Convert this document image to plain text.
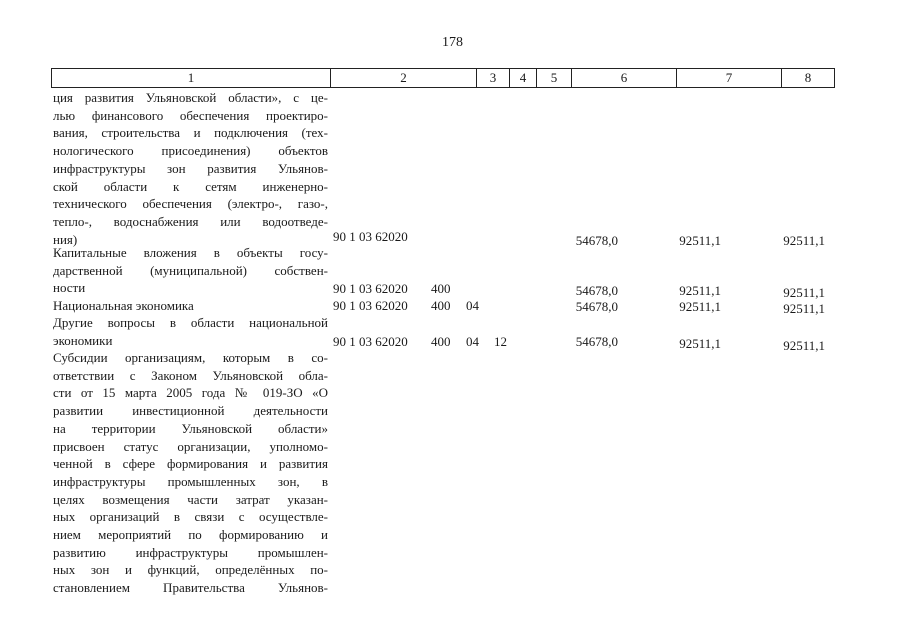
178
1	2	3	4	5	6	7	8
ция развития Ульяновской области», с це-
лью финансового обеспечения проектиро-
вания, строительства и подключения (тех-
нологического присоединения) объектов
инфраструктуры зон развития Ульянов-
ской области к сетям инженерно-
технического обеспечения (электро-, газо-,
тепло-, водоснабжения или водоотведе-
ния)	90 1 03 62020	54678,0	92511,1	92511,1
Капитальные вложения в объекты госу-
дарственной (муниципальной) собствен-
ности	90 1 03 62020 400	54678,0	92511,1	92511,1
Национальная экономика	90 1 03 62020 400 04	54678,0	92511,1	92511,1
Другие вопросы в области национальной
экономики	90 1 03 62020 400 04 12	54678,0	92511,1	92511,1
Субсидии организациям, которым в со-
ответствии с Законом Ульяновской обла-
сти от 15 марта 2005 года № 019-ЗО «О
развитии инвестиционной деятельности
на территории Ульяновской области»
присвоен статус организации, уполномо-
ченной в сфере формирования и развития
инфраструктуры промышленных зон, в
целях возмещения части затрат указан-
ных организаций в связи с осуществле-
нием мероприятий по формированию и
развитию инфраструктуры промышлен-
ных зон и функций, определённых по-
становлением Правительства Ульянов-
